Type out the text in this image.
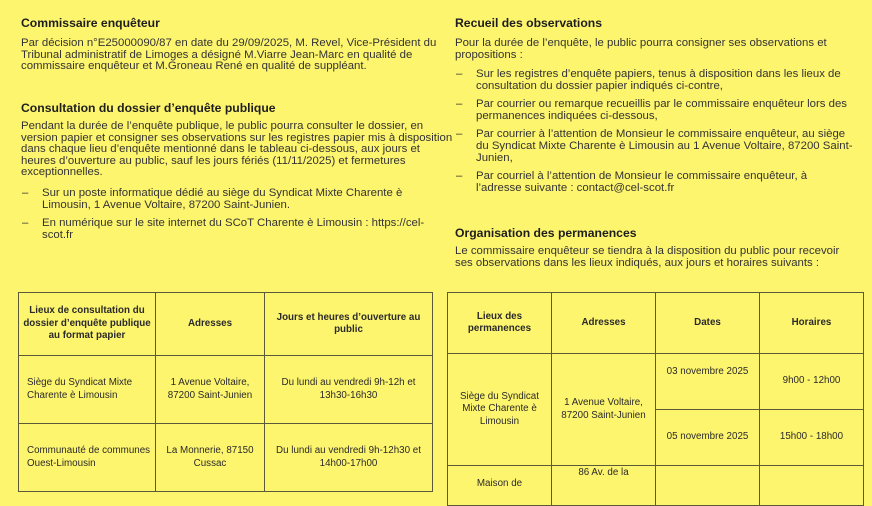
Commissaire enquêteur

Par décision n°E25000090/87 en date du 29/09/2025, M. Revel, Vice-Président du Tribunal administratif de Limoges a désigné M.Viarre Jean-Marc en qualité de commissaire enquêteur et M.Groneau René en qualité de suppléant.

Consultation du dossier d’enquête publique

Pendant la durée de l’enquête publique, le public pourra consulter le dossier, en version papier et consigner ses observations sur les registres papier mis à disposition dans chaque lieu d’enquête mentionné dans le tableau ci-dessous, aux jours et heures d’ouverture au public, sauf les jours fériés (11/11/2025) et fermetures exceptionnelles.

– Sur un poste informatique dédié au siège du Syndicat Mixte Charente è Limousin, 1 Avenue Voltaire, 87200 Saint-Junien.
– En numérique sur le site internet du SCoT Charente è Limousin : https://cel-scot.fr
Lieux de consultation du dossier d’enquête publique au format papier	Adresses	Jours et heures d’ouverture au public
Siège du Syndicat Mixte Charente è Limousin	1 Avenue Voltaire, 87200 Saint-Junien	Du lundi au vendredi 9h-12h et 13h30-16h30
Communauté de communes Ouest-Limousin	La Monnerie, 87150 Cussac	Du lundi au vendredi 9h-12h30 et 14h00-17h00
Recueil des observations

Pour la durée de l’enquête, le public pourra consigner ses observations et propositions :

– Sur les registres d’enquête papiers, tenus à disposition dans les lieux de consultation du dossier papier indiqués ci-contre,
– Par courrier ou remarque recueillis par le commissaire enquêteur lors des permanences indiquées ci-dessous,
– Par courrier à l’attention de Monsieur le commissaire enquêteur, au siège du Syndicat Mixte Charente è Limousin au 1 Avenue Voltaire, 87200 Saint-Junien,
– Par courriel à l’attention de Monsieur le commissaire enquêteur, à l’adresse suivante : contact@cel-scot.fr
Organisation des permanences

Le commissaire enquêteur se tiendra à la disposition du public pour recevoir ses observations dans les lieux indiqués, aux jours et horaires suivants :

Lieux des permanences	Adresses	Dates	Horaires
Siège du Syndicat Mixte Charente è Limousin	1 Avenue Voltaire, 87200 Saint-Junien	03 novembre 2025	9h00 - 12h00
		05 novembre 2025	15h00 - 18h00
Maison de	86 Av. de la		
